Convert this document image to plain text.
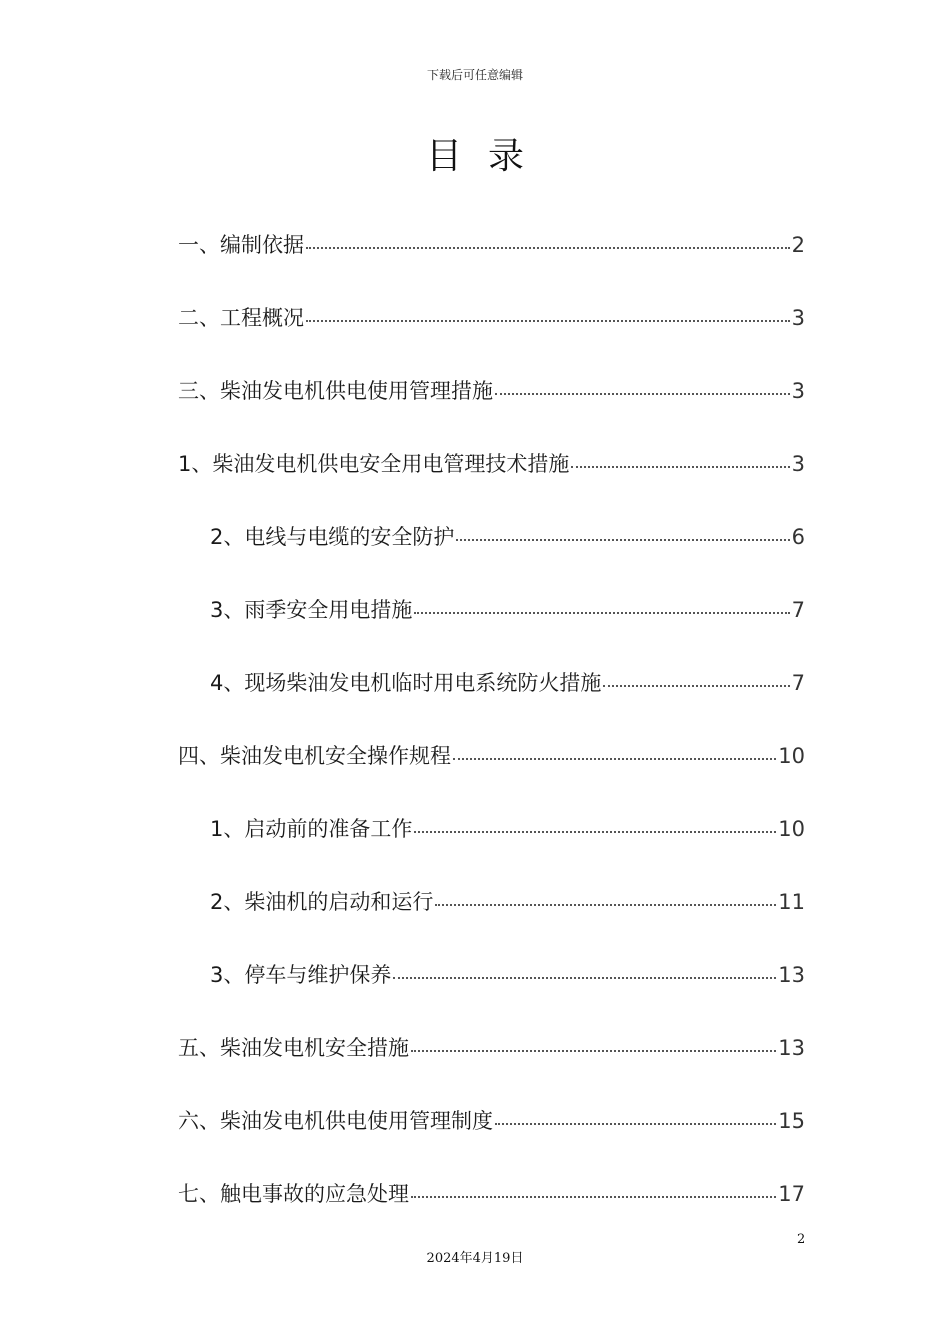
下载后可任意编辑
目录
一、编制依据	2
二、工程概况	3
三、柴油发电机供电使用管理措施	3
1、柴油发电机供电安全用电管理技术措施	3
2、电线与电缆的安全防护	6
3、雨季安全用电措施	7
4、现场柴油发电机临时用电系统防火措施	7
四、柴油发电机安全操作规程	10
1、启动前的准备工作	10
2、柴油机的启动和运行	11
3、停车与维护保养	13
五、柴油发电机安全措施	13
六、柴油发电机供电使用管理制度	15
七、触电事故的应急处理	17
2
2024年4月19日
